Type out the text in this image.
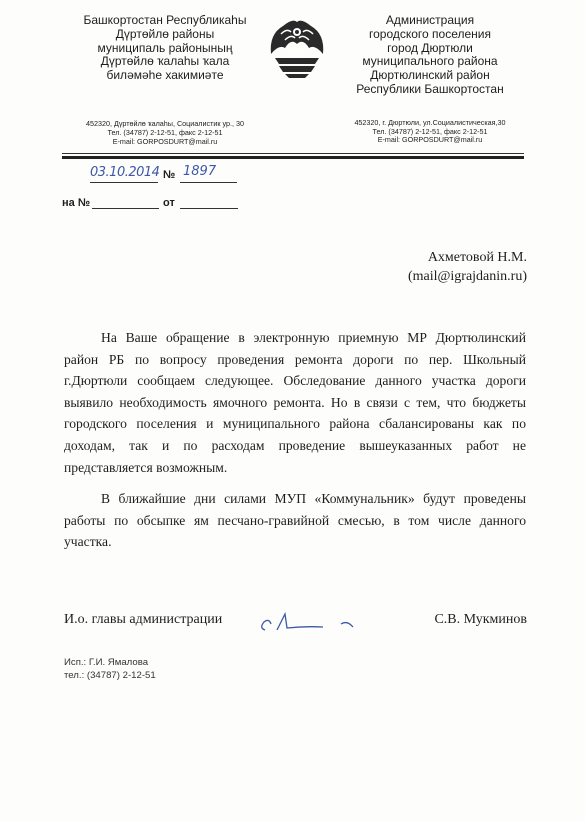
Башкортостан Республикаһы
Дүртөйлө районы
муниципаль районының
Дүртөйлө ҡалаһы ҡала
биләмәһе хакимиәте
452320, Дүртөйлө ҡалаһы, Социалистик ур., 30
Тел. (34787) 2-12-51, факс 2-12-51
E-mail: GORPOSDURT@mail.ru
Администрация
городского поселения
город Дюртюли
муниципального района
Дюртюлинский район
Республики Башкортостан
452320, г. Дюртюли, ул.Социалистическая,30
Тел. (34787) 2-12-51, факс 2-12-51
E-mail: GORPOSDURT@mail.ru
03.10.2014 № 1897
на №	от
Ахметовой Н.М.
(mail@igrajdanin.ru)

На Ваше обращение в электронную приемную МР Дюртюлинский район РБ по вопросу проведения ремонта дороги по пер. Школьный г.Дюртюли сообщаем следующее. Обследование данного участка дороги выявило необходимость ямочного ремонта. Но в связи с тем, что бюджеты городского поселения и муниципального района сбалансированы как по доходам, так и по расходам проведение вышеуказанных работ не представляется возможным.

В ближайшие дни силами МУП «Коммунальник» будут проведены работы по обсыпке ям песчано-гравийной смесью, в том числе данного участка.

И.о. главы администрации	С.В. Мукминов
Исп.: Г.И. Ямалова
тел.: (34787) 2-12-51
